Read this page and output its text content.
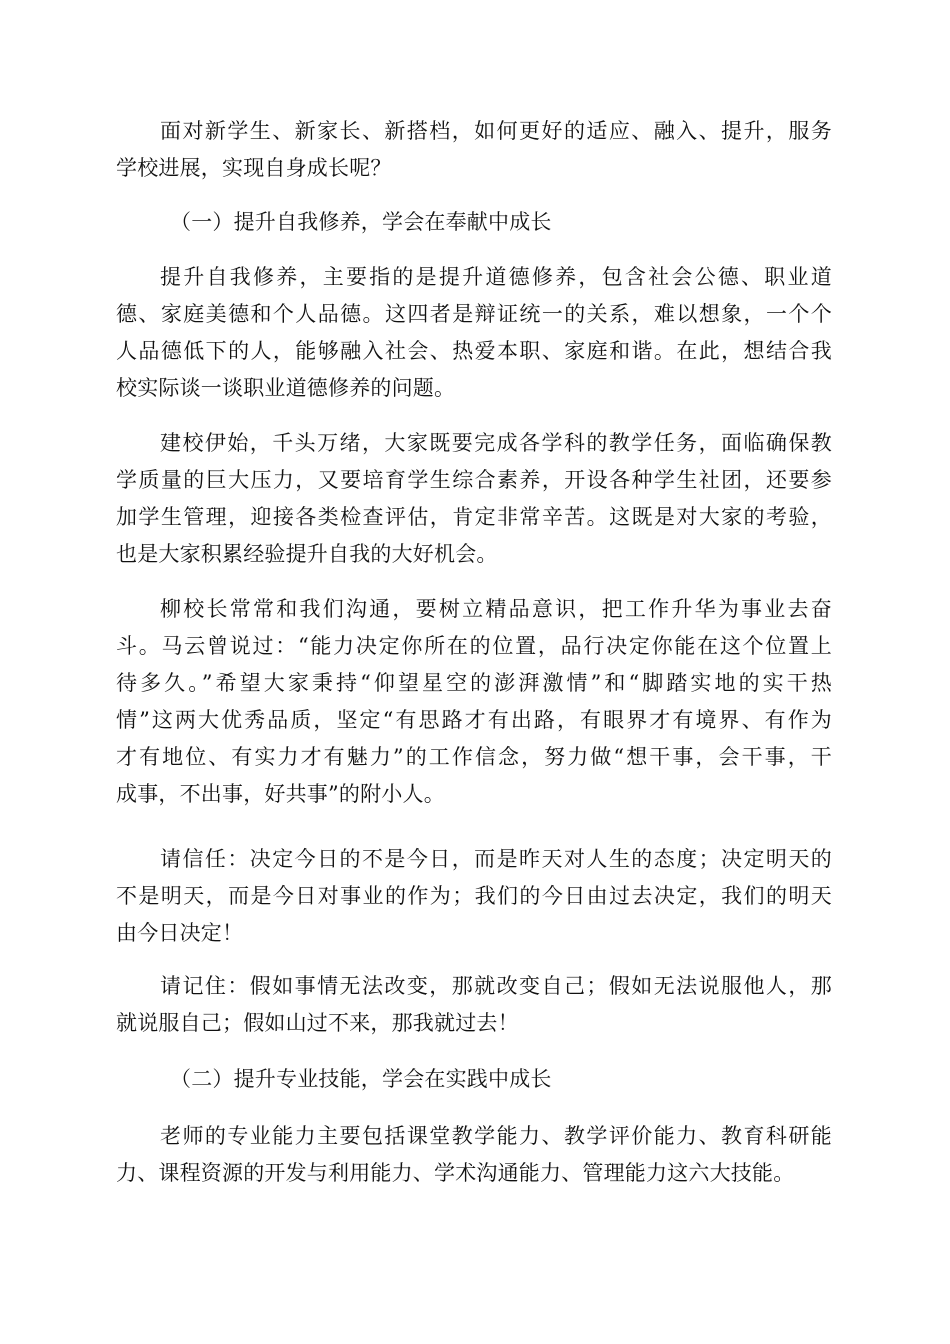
面对新学生、新家长、新搭档，如何更好的适应、融入、提升，服务
学校进展，实现自身成长呢？
（一）提升自我修养，学会在奉献中成长
提升自我修养，主要指的是提升道德修养，包含社会公德、职业道
德、家庭美德和个人品德。这四者是辩证统一的关系，难以想象，一个个
人品德低下的人，能够融入社会、热爱本职、家庭和谐。在此，想结合我
校实际谈一谈职业道德修养的问题。
建校伊始，千头万绪，大家既要完成各学科的教学任务，面临确保教
学质量的巨大压力，又要培育学生综合素养，开设各种学生社团，还要参
加学生管理，迎接各类检查评估，肯定非常辛苦。这既是对大家的考验，
也是大家积累经验提升自我的大好机会。
柳校长常常和我们沟通，要树立精品意识，把工作升华为事业去奋
斗。马云曾说过：“能力决定你所在的位置，品行决定你能在这个位置上
待多久。”希望大家秉持“仰望星空的澎湃激情”和“脚踏实地的实干热
情”这两大优秀品质，坚定“有思路才有出路，有眼界才有境界、有作为
才有地位、有实力才有魅力”的工作信念，努力做“想干事，会干事，干
成事，不出事，好共事”的附小人。
请信任：决定今日的不是今日，而是昨天对人生的态度；决定明天的
不是明天，而是今日对事业的作为；我们的今日由过去决定，我们的明天
由今日决定！
请记住：假如事情无法改变，那就改变自己；假如无法说服他人，那
就说服自己；假如山过不来，那我就过去！
（二）提升专业技能，学会在实践中成长
老师的专业能力主要包括课堂教学能力、教学评价能力、教育科研能
力、课程资源的开发与利用能力、学术沟通能力、管理能力这六大技能。
